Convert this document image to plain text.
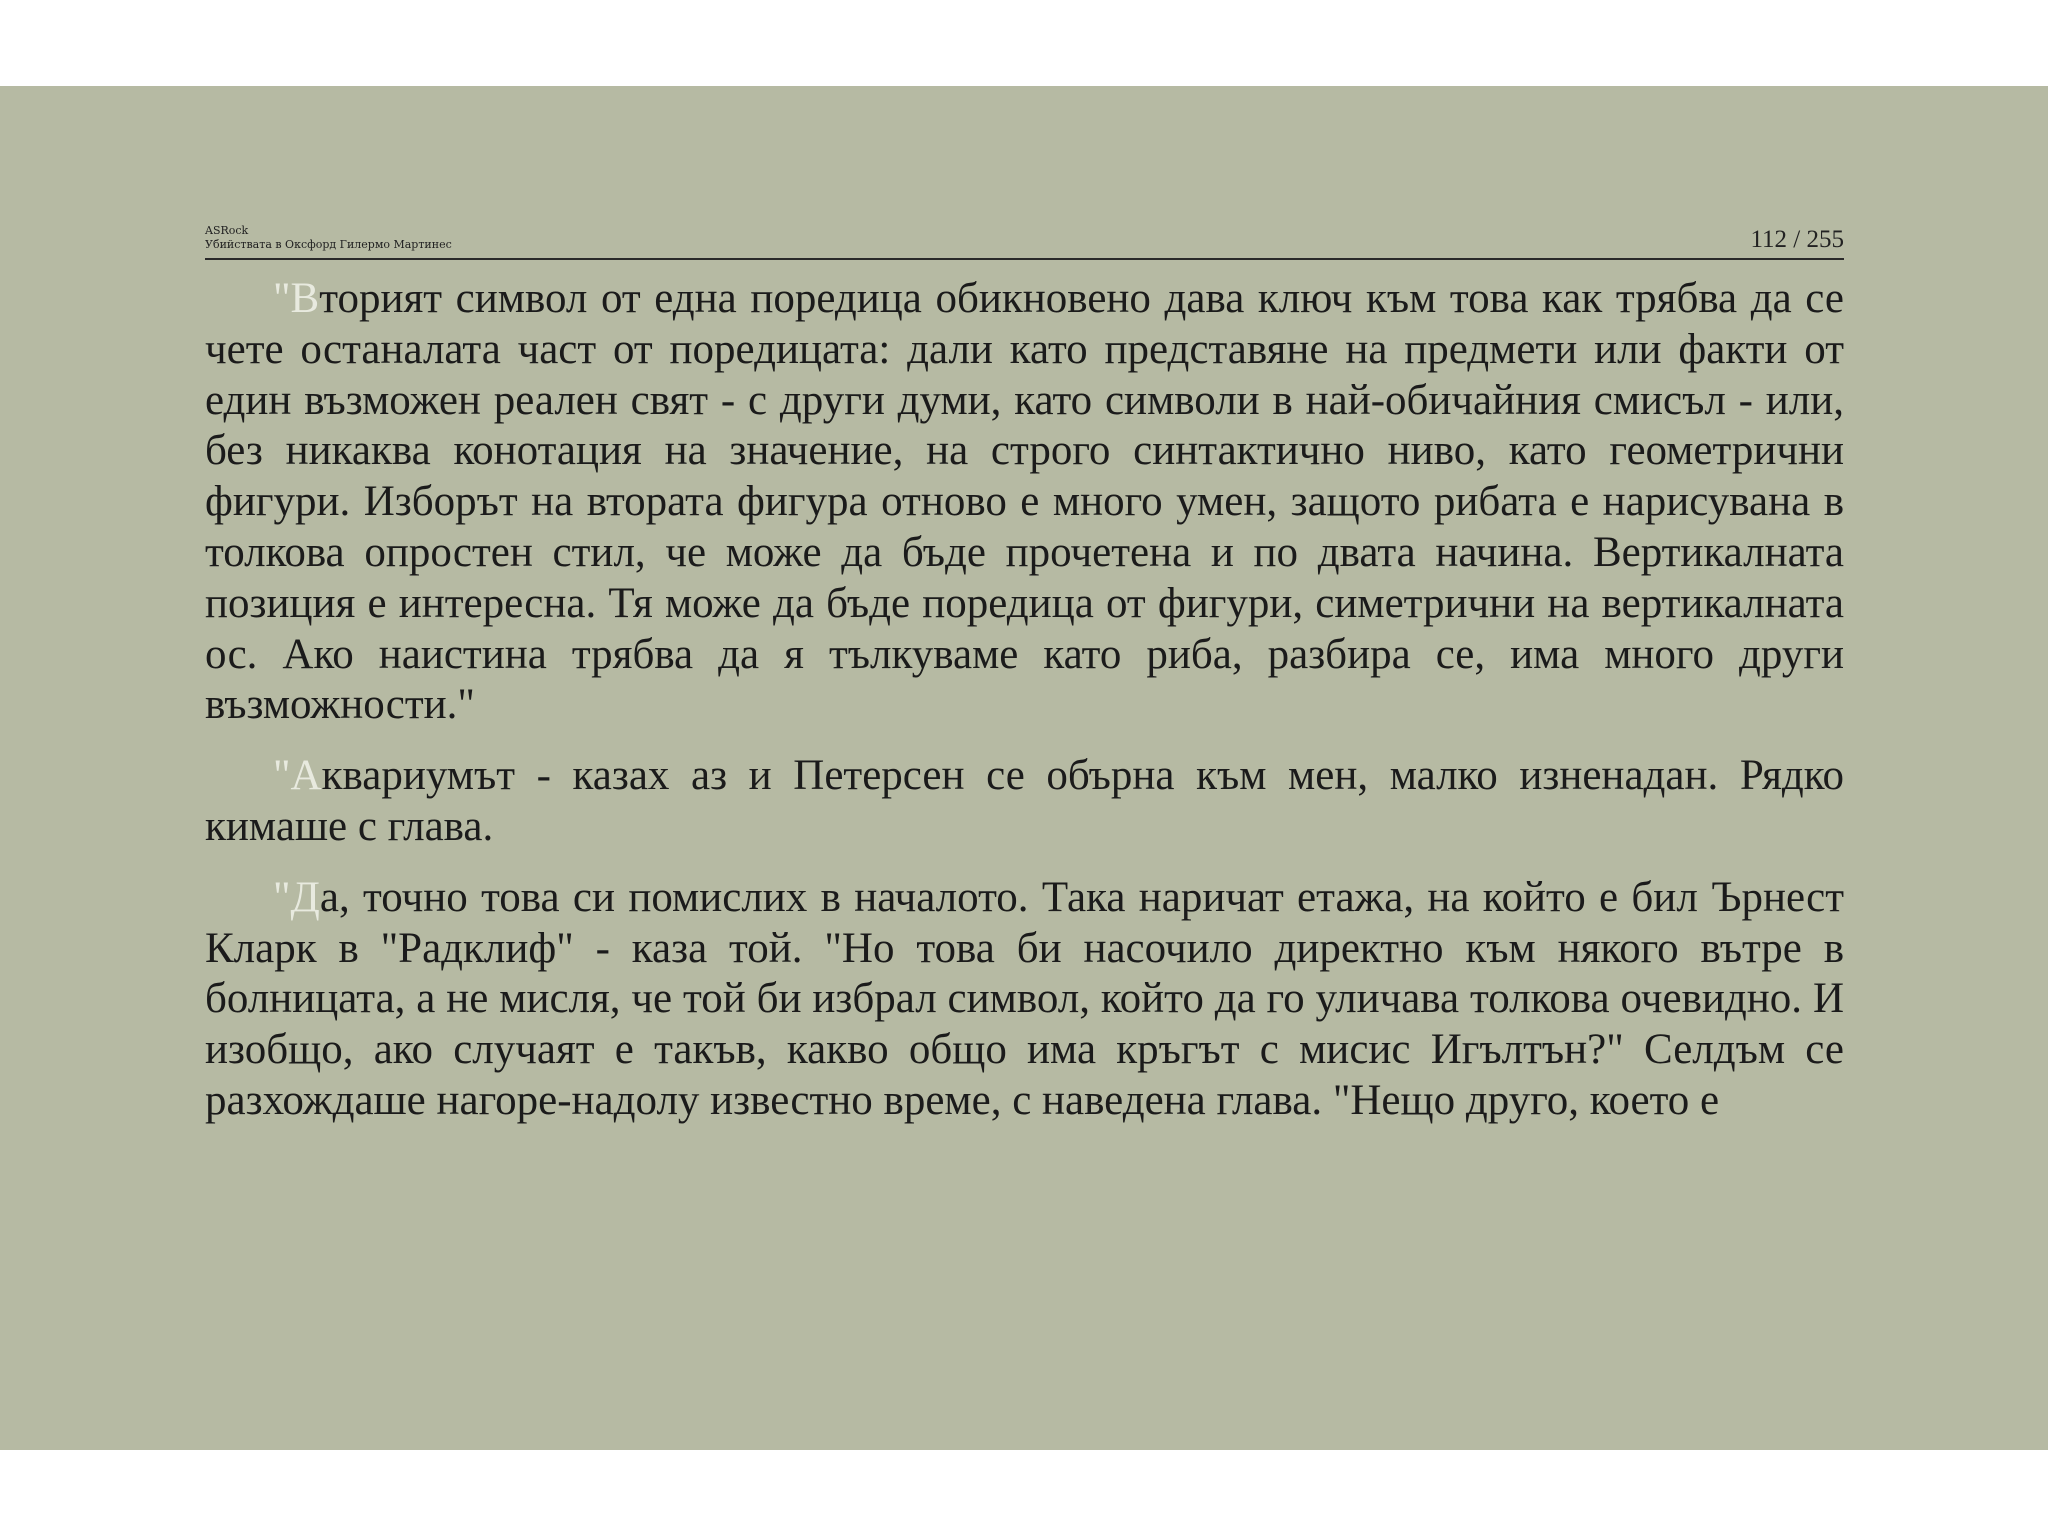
ASRock
Убийствата в Оксфорд Гилермо Мартинес	112 / 255

"Вторият символ от една поредица обикновено дава ключ към това как трябва да се чете останалата част от поредицата: дали като представяне на предмети или факти от един възможен реален свят - с други думи, като символи в най-обичайния смисъл - или, без никаква конотация на значение, на строго синтактично ниво, като геометрични фигури. Изборът на втората фигура отново е много умен, защото рибата е нарисувана в толкова опростен стил, че може да бъде прочетена и по двата начина. Вертикалната позиция е интересна. Тя може да бъде поредица от фигури, симетрични на вертикалната ос. Ако наистина трябва да я тълкуваме като риба, разбира се, има много други възможности."

"Аквариумът - казах аз и Петерсен се обърна към мен, малко изненадан. Рядко кимаше с глава.

"Да, точно това си помислих в началото. Така наричат етажа, на който е бил Ърнест Кларк в "Радклиф" - каза той. "Но това би насочило директно към някого вътре в болницата, а не мисля, че той би избрал символ, който да го уличава толкова очевидно. И изобщо, ако случаят е такъв, какво общо има кръгът с мисис Игълтън?" Селдъм се разхождаше нагоре-надолу известно време, с наведена глава. "Нещо друго, което е
